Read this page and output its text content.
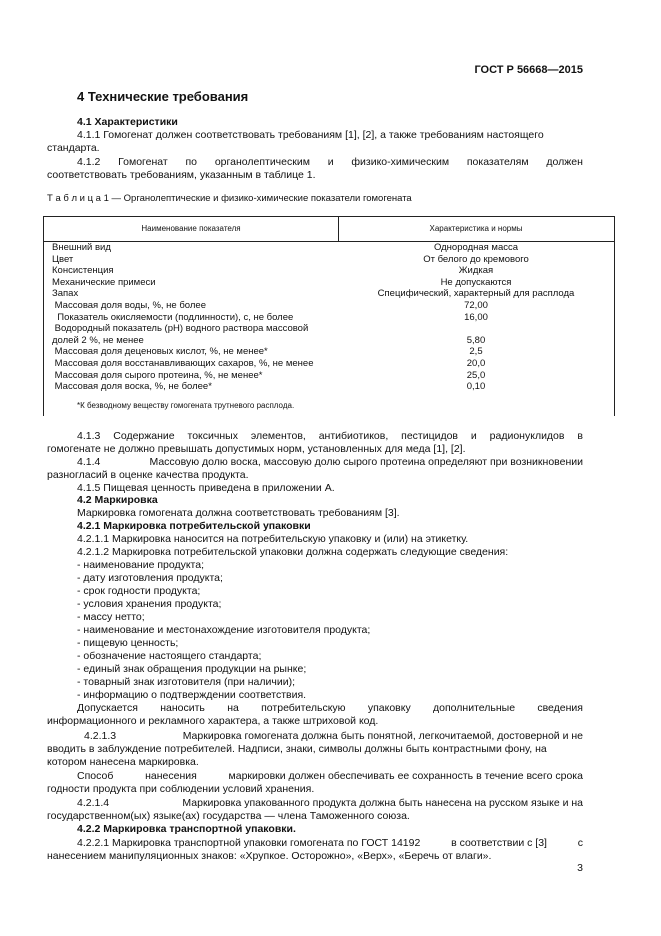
ГОСТ Р 56668—2015
4 Технические требования
4.1 Характеристики
4.1.1 Гомогенат должен соответствовать требованиям [1], [2], а также требованиям настоящего
стандарта.
4.1.2 Гомогенат по органолептическим и физико-химическим показателям должен
соответствовать требованиям, указанным в таблице 1.
Т а б л и ц а 1 — Органолептические и физико-химические показатели гомогената
Наименование показателя	Характеристика и нормы
Внешний вид	Однородная масса
Цвет	От белого до кремового
Консистенция	Жидкая
Механические примеси	Не допускаются
Запах	Специфический, характерный для расплода
Массовая доля воды, %, не более	72,00
Показатель окисляемости (подлинности), с, не более	16,00
Водородный показатель (pH) водного раствора массовой
долей 2 %, не менее	5,80
Массовая доля деценовых кислот, %, не менее*	2,5
Массовая доля восстанавливающих сахаров, %, не менее	20,0
Массовая доля сырого протеина, %, не менее*	25,0
Массовая доля воска, %, не более*	0,10
*К безводному веществу гомогената трутневого расплода.
4.1.3 Содержание токсичных элементов, антибиотиков, пестицидов и радионуклидов в
гомогенате не должно превышать допустимых норм, установленных для меда [1], [2].
4.1.4	Массовую долю воска, массовую долю сырого протеина определяют при возникновении
разногласий в оценке качества продукта.
4.1.5 Пищевая ценность приведена в приложении А.
4.2 Маркировка
Маркировка гомогената должна соответствовать требованиям [3].
4.2.1 Маркировка потребительской упаковки
4.2.1.1 Маркировка наносится на потребительскую упаковку и (или) на этикетку.
4.2.1.2 Маркировка потребительской упаковки должна содержать следующие сведения:
- наименование продукта;
- дату изготовления продукта;
- срок годности продукта;
- условия хранения продукта;
- массу нетто;
- наименование и местонахождение изготовителя продукта;
- пищевую ценность;
- обозначение настоящего стандарта;
- единый знак обращения продукции на рынке;
- товарный знак изготовителя (при наличии);
- информацию о подтверждении соответствия.
Допускается наносить на потребительскую упаковку дополнительные сведения
информационного и рекламного характера, а также штриховой код.
4.2.1.3	Маркировка гомогената должна быть понятной, легкочитаемой, достоверной и не
вводить в заблуждение потребителей. Надписи, знаки, символы должны быть контрастными фону, на
котором нанесена маркировка.
Способ	нанесения	маркировки должен обеспечивать ее сохранность в течение всего срока
годности продукта при соблюдении условий хранения.
4.2.1.4	Маркировка упакованного продукта должна быть нанесена на русском языке и на
государственном(ых) языке(ах) государства — члена Таможенного союза.
4.2.2 Маркировка транспортной упаковки.
4.2.2.1 Маркировка транспортной упаковки гомогената по ГОСТ 14192	в соответствии с [3]	с
нанесением манипуляционных знаков: «Хрупкое. Осторожно», «Верх», «Беречь от влаги».
3
